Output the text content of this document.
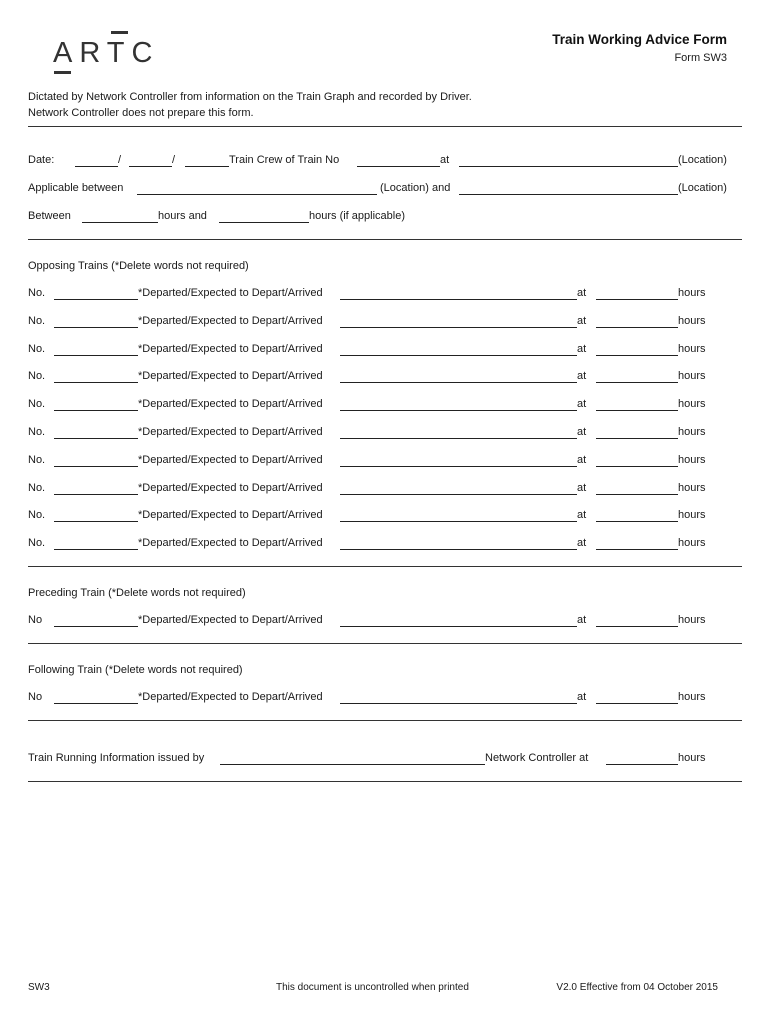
ARTC	Train Working Advice Form
Form SW3
Dictated by Network Controller from information on the Train Graph and recorded by Driver.
Network Controller does not prepare this form.
Date:	/	/	Train Crew of Train No	at	(Location)
Applicable between	(Location) and	(Location)
Between	hours and	hours (if applicable)
Opposing Trains (*Delete words not required)
No.	*Departed/Expected to Depart/Arrived	at	hours
No.	*Departed/Expected to Depart/Arrived	at	hours
No.	*Departed/Expected to Depart/Arrived	at	hours
No.	*Departed/Expected to Depart/Arrived	at	hours
No.	*Departed/Expected to Depart/Arrived	at	hours
No.	*Departed/Expected to Depart/Arrived	at	hours
No.	*Departed/Expected to Depart/Arrived	at	hours
No.	*Departed/Expected to Depart/Arrived	at	hours
No.	*Departed/Expected to Depart/Arrived	at	hours
No.	*Departed/Expected to Depart/Arrived	at	hours
Preceding Train (*Delete words not required)
No	*Departed/Expected to Depart/Arrived	at	hours
Following Train (*Delete words not required)
No	*Departed/Expected to Depart/Arrived	at	hours
Train Running Information issued by	Network Controller at	hours
SW3	This document is uncontrolled when printed	V2.0 Effective from 04 October 2015
